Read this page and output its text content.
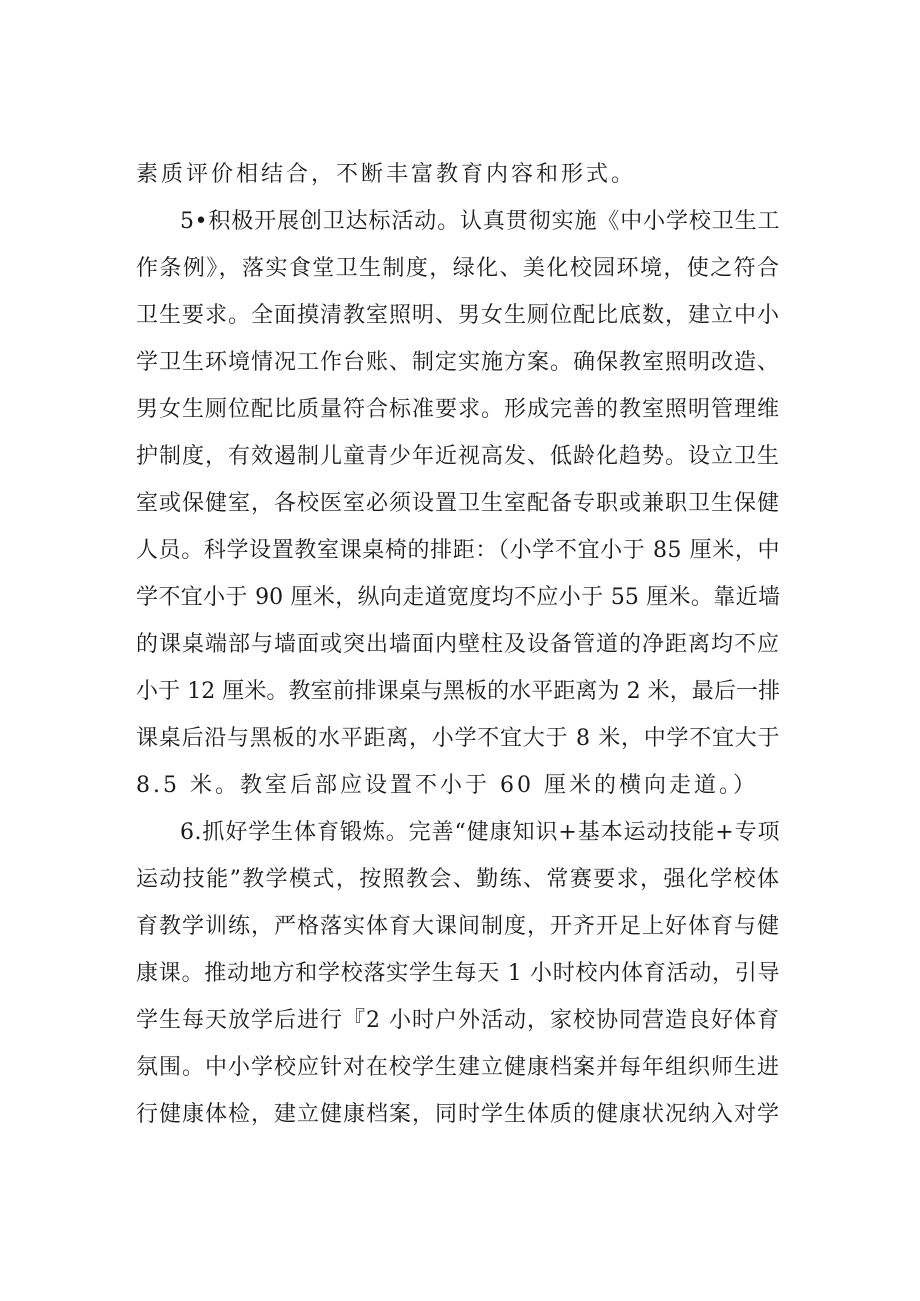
素质评价相结合，不断丰富教育内容和形式。
5•积极开展创卫达标活动。认真贯彻实施《中小学校卫生工
作条例》，落实食堂卫生制度，绿化、美化校园环境，使之符合
卫生要求。全面摸清教室照明、男女生厕位配比底数，建立中小
学卫生环境情况工作台账、制定实施方案。确保教室照明改造、
男女生厕位配比质量符合标准要求。形成完善的教室照明管理维
护制度，有效遏制儿童青少年近视高发、低龄化趋势。设立卫生
室或保健室，各校医室必须设置卫生室配备专职或兼职卫生保健
人员。科学设置教室课桌椅的排距：（小学不宜小于 85 厘米，中
学不宜小于 90 厘米，纵向走道宽度均不应小于 55 厘米。靠近墙
的课桌端部与墙面或突出墙面内壁柱及设备管道的净距离均不应
小于 12 厘米。教室前排课桌与黑板的水平距离为 2 米，最后一排
课桌后沿与黑板的水平距离，小学不宜大于 8 米，中学不宜大于
8.5 米。教室后部应设置不小于 60 厘米的横向走道。）
6.抓好学生体育锻炼。完善“健康知识+基本运动技能+专项
运动技能”教学模式，按照教会、勤练、常赛要求，强化学校体
育教学训练，严格落实体育大课间制度，开齐开足上好体育与健
康课。推动地方和学校落实学生每天 1 小时校内体育活动，引导
学生每天放学后进行『2 小时户外活动，家校协同营造良好体育
氛围。中小学校应针对在校学生建立健康档案并每年组织师生进
行健康体检，建立健康档案，同时学生体质的健康状况纳入对学
